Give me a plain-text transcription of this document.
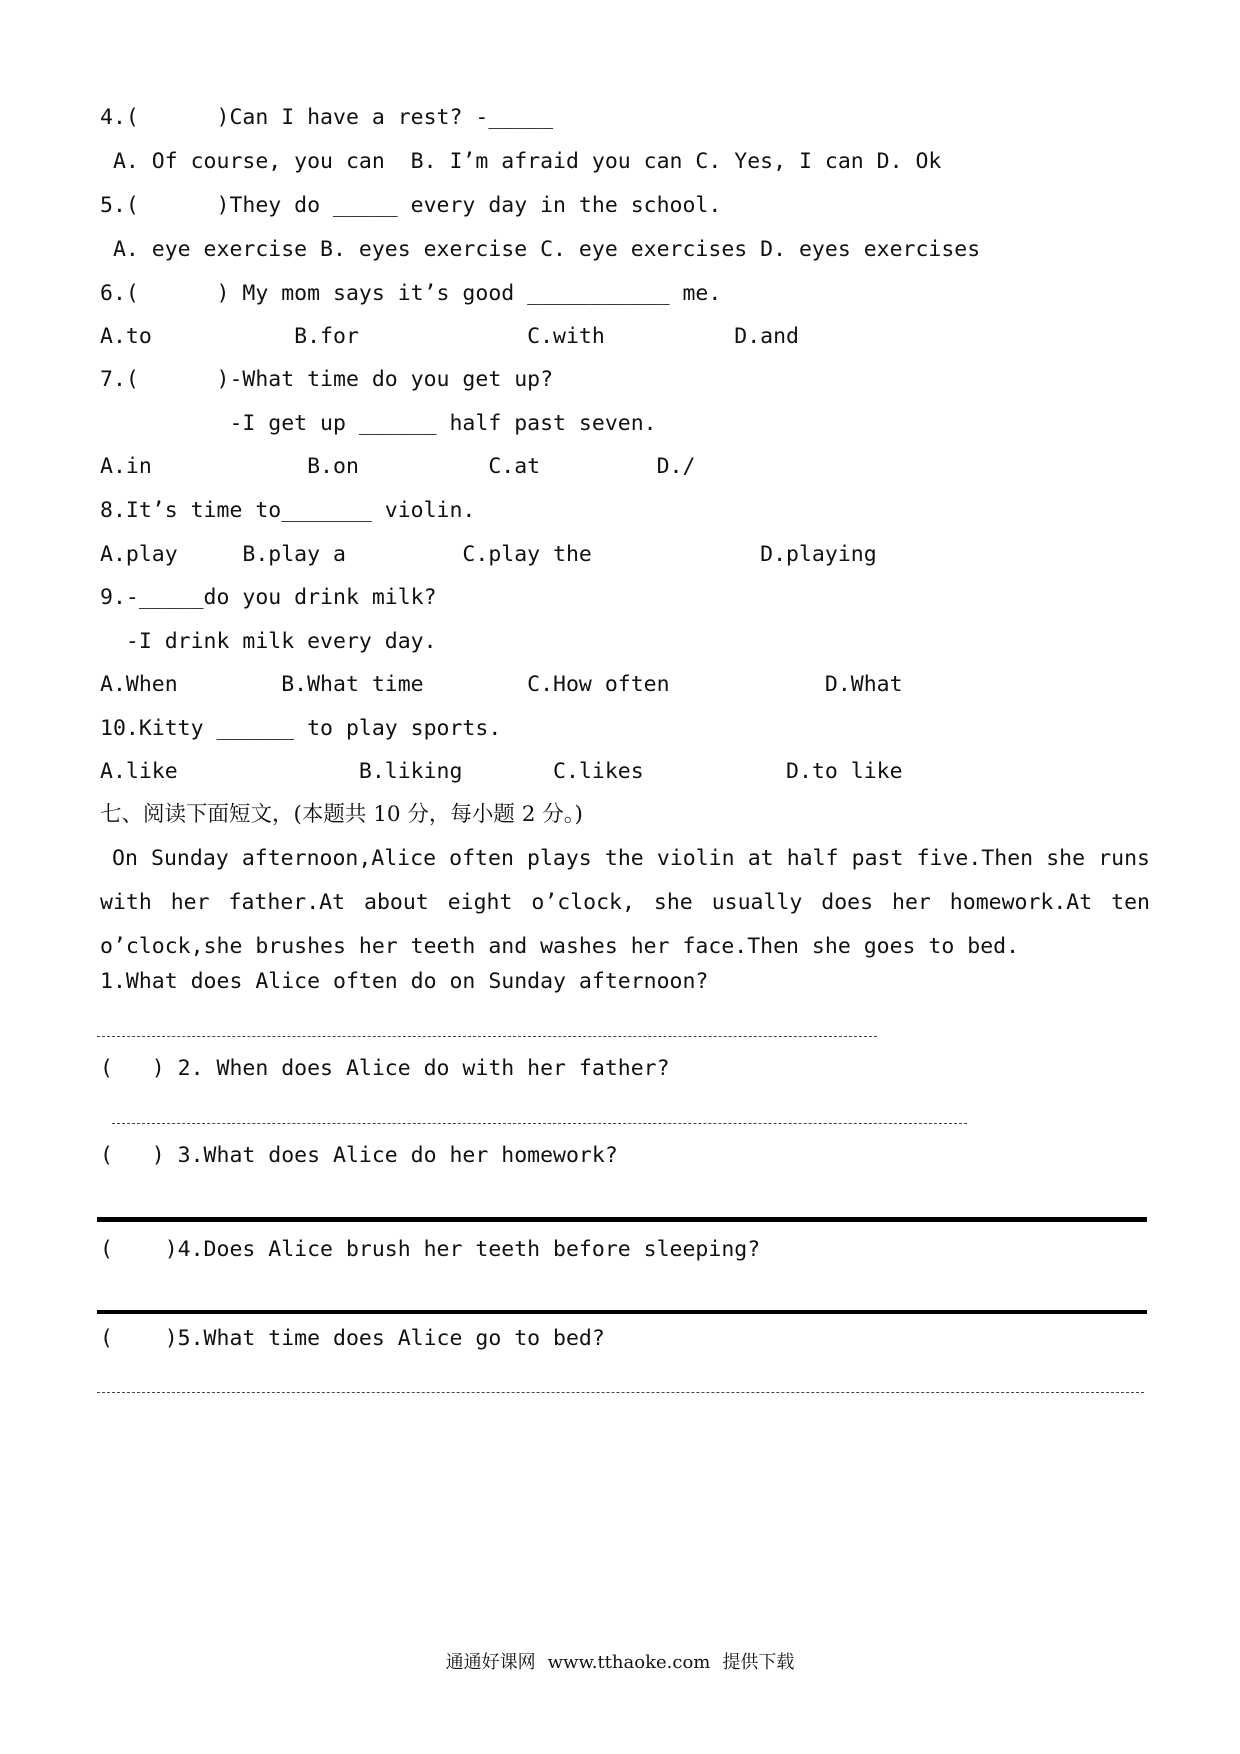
4.(      )Can I have a rest? -_____
A. Of course, you can  B. I’m afraid you can C. Yes, I can D. Ok
5.(      )They do _____ every day in the school.
A. eye exercise B. eyes exercise C. eye exercises D. eyes exercises
6.(      ) My mom says it’s good ___________ me.
A.to           B.for             C.with          D.and
7.(      )-What time do you get up?
-I get up ______ half past seven.
A.in            B.on          C.at         D./
8.It’s time to_______ violin.
A.play     B.play a         C.play the             D.playing
9.-_____do you drink milk?
-I drink milk every day.
A.When        B.What time        C.How often            D.What
10.Kitty ______ to play sports.
A.like              B.liking       C.likes           D.to like
七、阅读下面短文，(本题共 10 分，每小题 2 分。)
On Sunday afternoon,Alice often plays the violin at half past five.Then she runs with her father.At about eight o’clock, she usually does her homework.At ten o’clock,she brushes her teeth and washes her face.Then she goes to bed.
1.What does Alice often do on Sunday afternoon?
(   ) 2. When does Alice do with her father?
(   ) 3.What does Alice do her homework?
(    )4.Does Alice brush her teeth before sleeping?
(    )5.What time does Alice go to bed?
通通好课网 www.tthaoke.com 提供下载
